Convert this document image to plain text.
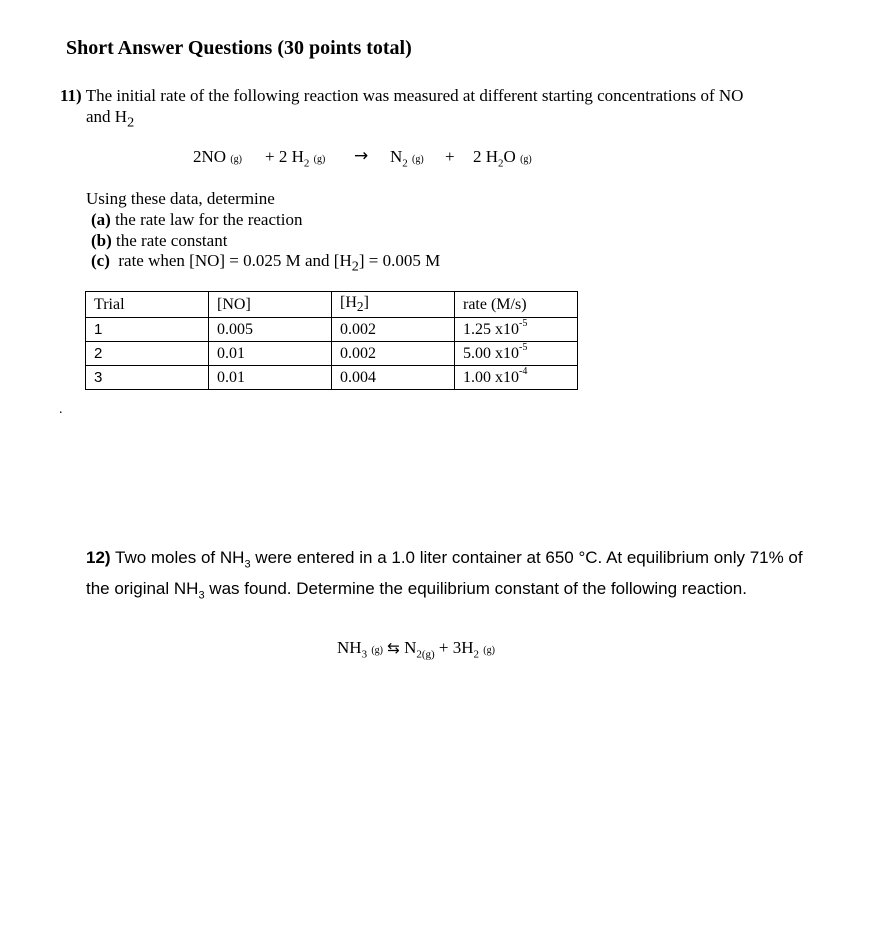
Short Answer Questions (30 points total)
11) The initial rate of the following reaction was measured at different starting concentrations of NO
and $H_2$
2NO (g) + 2 $H_2$ $(g) \to N_2$ (g) + 2 $H_2O$ (g)
Using these data, determine
(a) the rate law for the reaction
(b) the rate constant
(c) rate when [NO] = 0.025 M and $[H_2] = 0.005$ M
Trial	[NO]	$[H_2]$	rate (M/s)
1	0.005	0.002	1.25 $x10^{-5}$
2	0.01	0.002	5.00 $x10^{-5}$
3	0.01	0.004	1.00 $x10^{-4}$
.
12) Two moles of $NH_3$ were entered in a 1.0 liter container at 650 °C. At equilibrium only 71% of the original $NH_3$ was found. Determine the equilibrium constant of the following reaction.
$NH_3$ (g) ⇆ $N_{2(g)} + 3H_2$ (g)
